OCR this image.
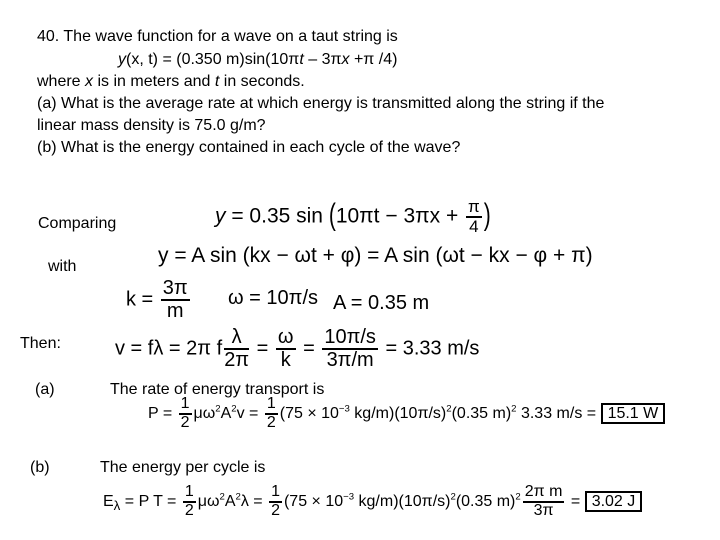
40. The wave function for a wave on a taut string is
y(x, t) = (0.350 m)sin(10πt – 3πx +π /4)
where x is in meters and t in seconds.
(a) What is the average rate at which energy is transmitted along the string if the
linear mass density is 75.0 g/m?
(b) What is the energy contained in each cycle of the wave?
Comparing
with
Then:
(a)	The rate of energy transport is
(b)	The energy per cycle is
y = 0.35 $\sin (10\pi t - 3\pi x + \frac{\pi}{4}$ )
y = A sin (kx − ωt + φ) = A sin (ωt − kx − φ + π)
$k = \frac{3\pi}{m}$ ω = 10π/s A = 0.35 m
v = fλ = 2π f $\frac{\lambda}{2\pi} = \frac{\omega}{k} = \frac{10\pi/s}{3\pi/m} = 3.33$ m/s
$P = \frac{1}{2} \mu\omega^2A^2v = \frac{1}{2} (75 \times 10^{-3}$ $kg/m)(10\pi/s)^2(0.35$ m)$^2$ 3.33 m/s = 15.1 W
$E_\lambda = P$ $T = \frac{1}{2} \mu\omega^2A^2\lambda = \frac{1}{2} (75 \times 10^{-3}$ $kg/m)(10\pi/s)^2(0.35$ $m)^2 \frac{\text{2π m}}{3\pi} = 3.02$ J
